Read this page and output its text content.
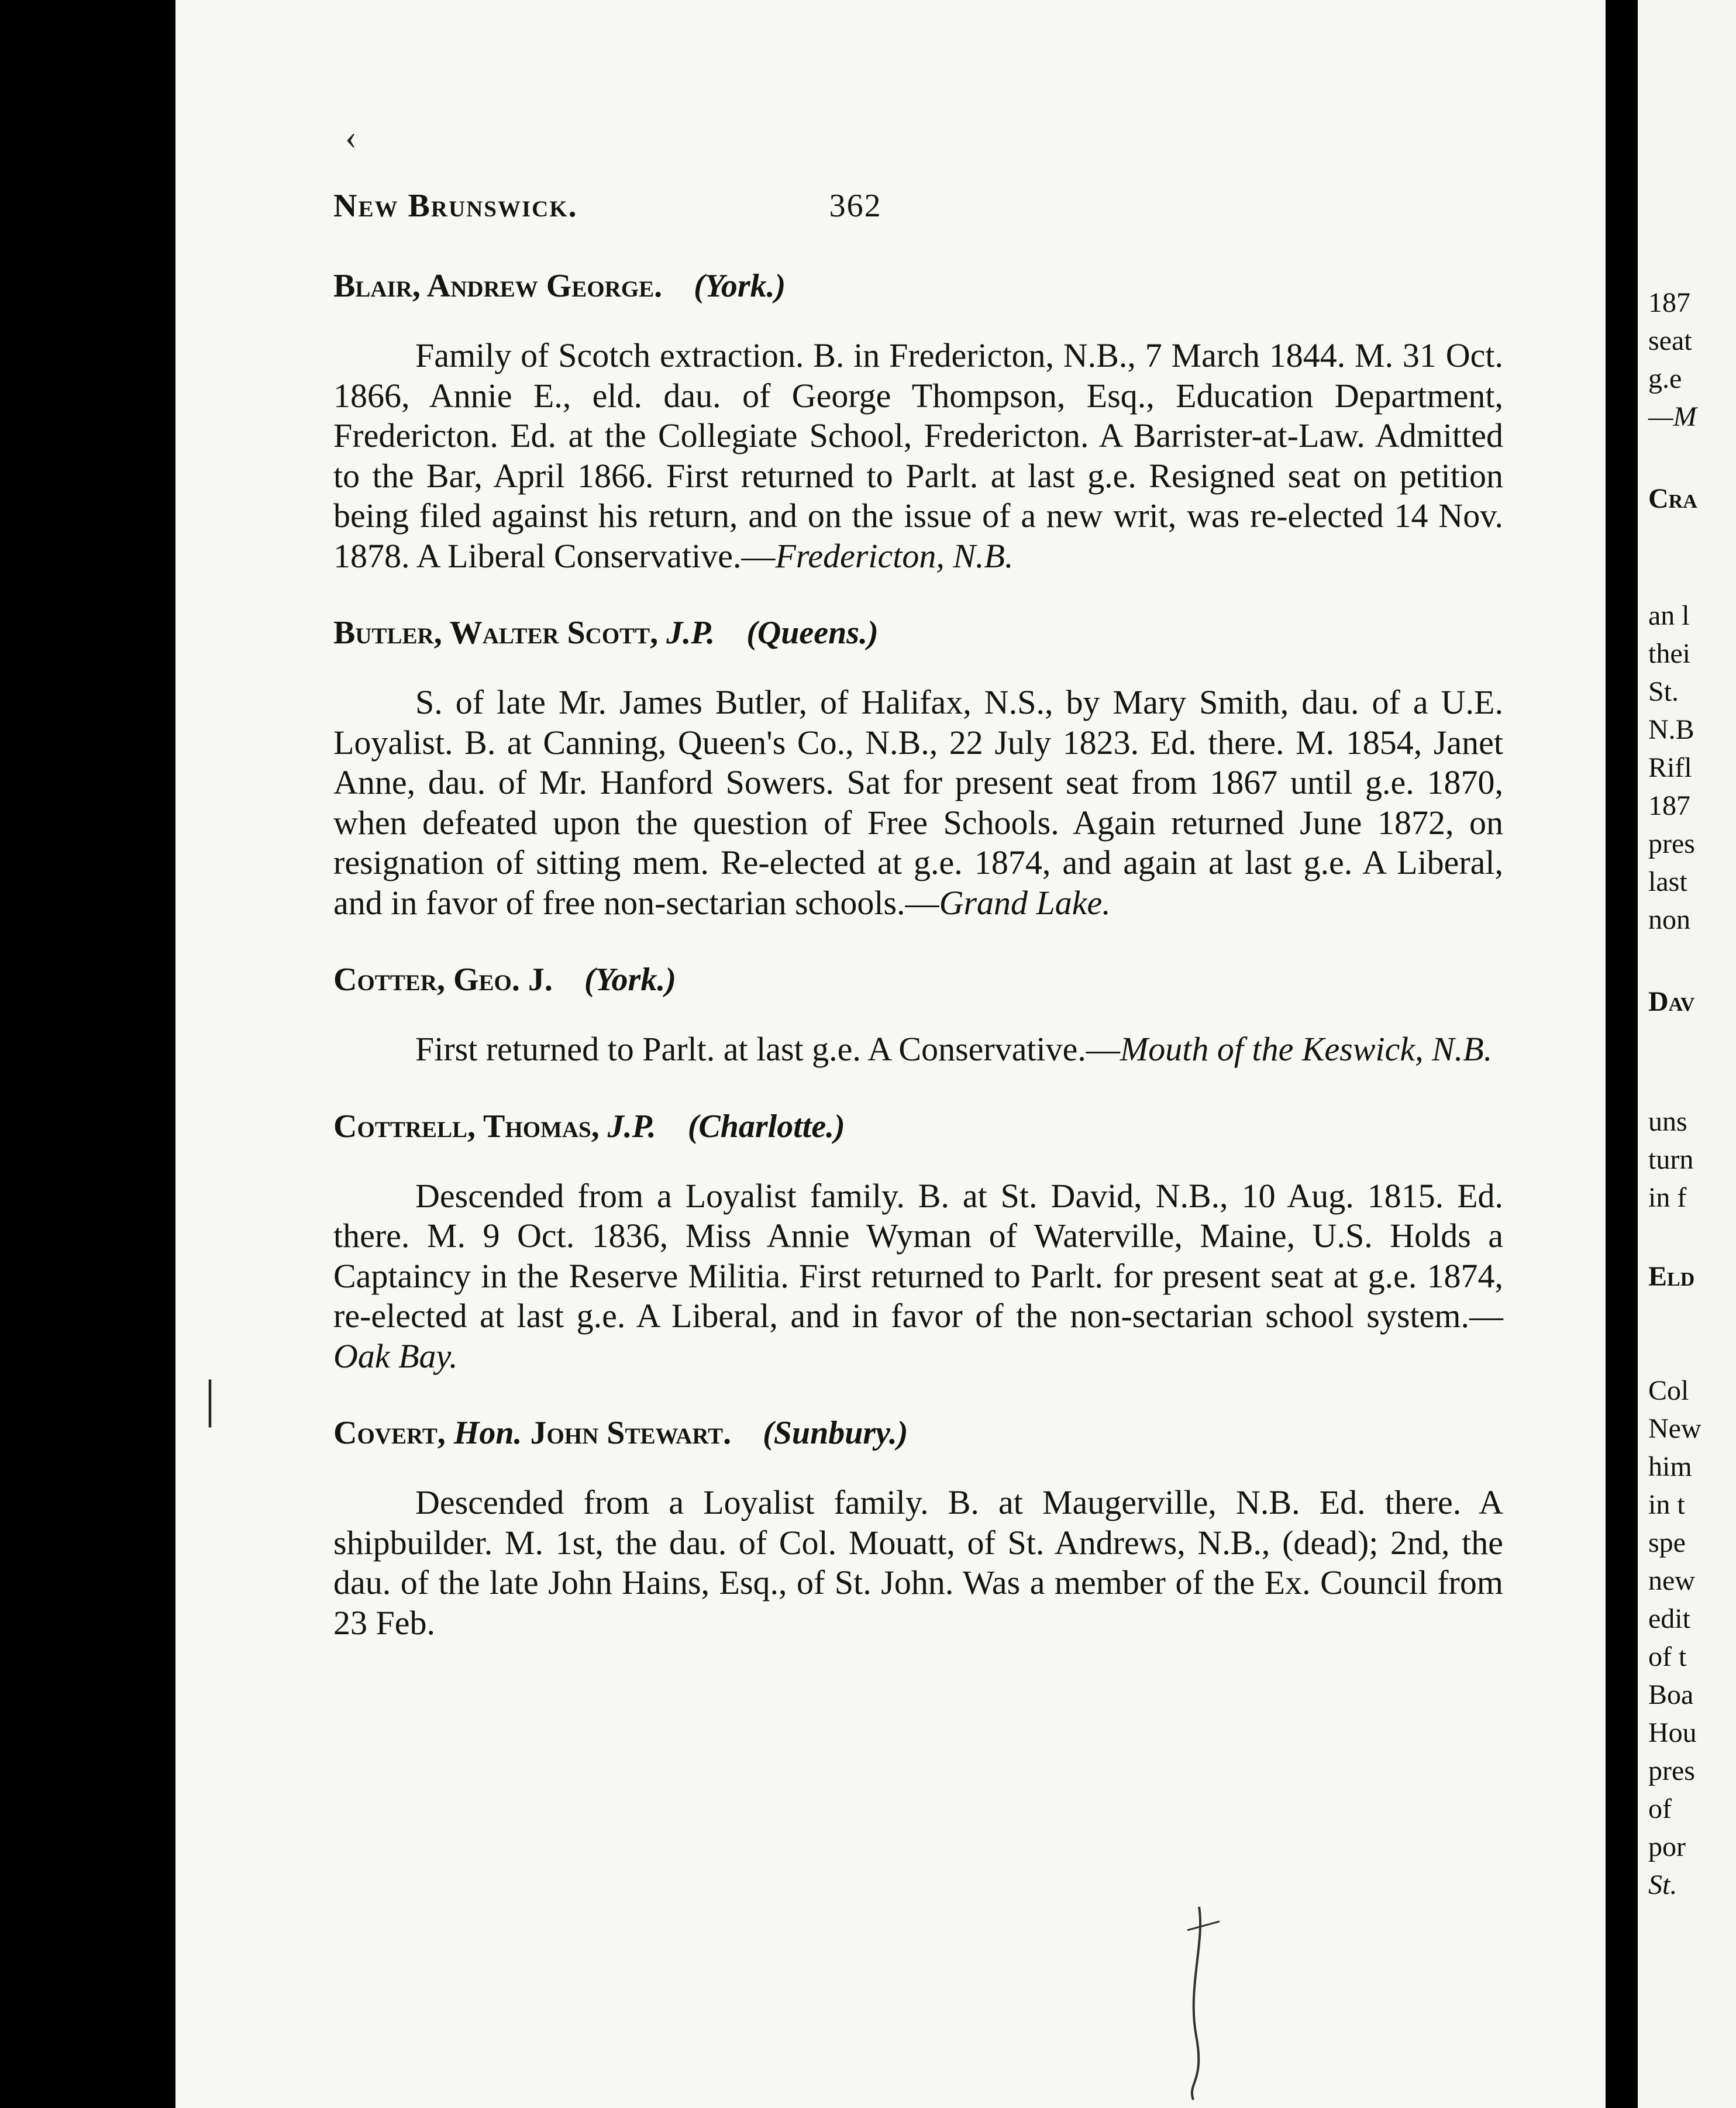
187
seat
g.e
—M
Cra
an l
thei
St.
N.B
Rifl
187
pres
last
non
Dav
uns
turn
in f
Eld
Col
New
him
in t
spe
new
edit
of t
Boa
Hou
pres
of
por
St.
‹
|
New Brunswick.	362
Blair, Andrew George. (York.)

Family of Scotch extraction. B. in Fredericton, N.B., 7 March 1844. M. 31 Oct. 1866, Annie E., eld. dau. of George Thompson, Esq., Education Department, Fredericton. Ed. at the Collegiate School, Fredericton. A Barrister-at-Law. Admitted to the Bar, April 1866. First returned to Parlt. at last g.e. Resigned seat on petition being filed against his return, and on the issue of a new writ, was re-elected 14 Nov. 1878. A Liberal Conservative.—Fredericton, N.B.

Butler, Walter Scott, J.P. (Queens.)

S. of late Mr. James Butler, of Halifax, N.S., by Mary Smith, dau. of a U.E. Loyalist. B. at Canning, Queen's Co., N.B., 22 July 1823. Ed. there. M. 1854, Janet Anne, dau. of Mr. Hanford Sowers. Sat for present seat from 1867 until g.e. 1870, when defeated upon the question of Free Schools. Again returned June 1872, on resignation of sitting mem. Re-elected at g.e. 1874, and again at last g.e. A Liberal, and in favor of free non-sectarian schools.—Grand Lake.

Cotter, Geo. J. (York.)

First returned to Parlt. at last g.e. A Conservative.—Mouth of the Keswick, N.B.

Cottrell, Thomas, J.P. (Charlotte.)

Descended from a Loyalist family. B. at St. David, N.B., 10 Aug. 1815. Ed. there. M. 9 Oct. 1836, Miss Annie Wyman of Waterville, Maine, U.S. Holds a Captaincy in the Reserve Militia. First returned to Parlt. for present seat at g.e. 1874, re-elected at last g.e. A Liberal, and in favor of the non-sectarian school system.—Oak Bay.

Covert, Hon. John Stewart. (Sunbury.)

Descended from a Loyalist family. B. at Maugerville, N.B. Ed. there. A shipbuilder. M. 1st, the dau. of Col. Mouatt, of St. Andrews, N.B., (dead); 2nd, the dau. of the late John Hains, Esq., of St. John. Was a member of the Ex. Council from 23 Feb.
